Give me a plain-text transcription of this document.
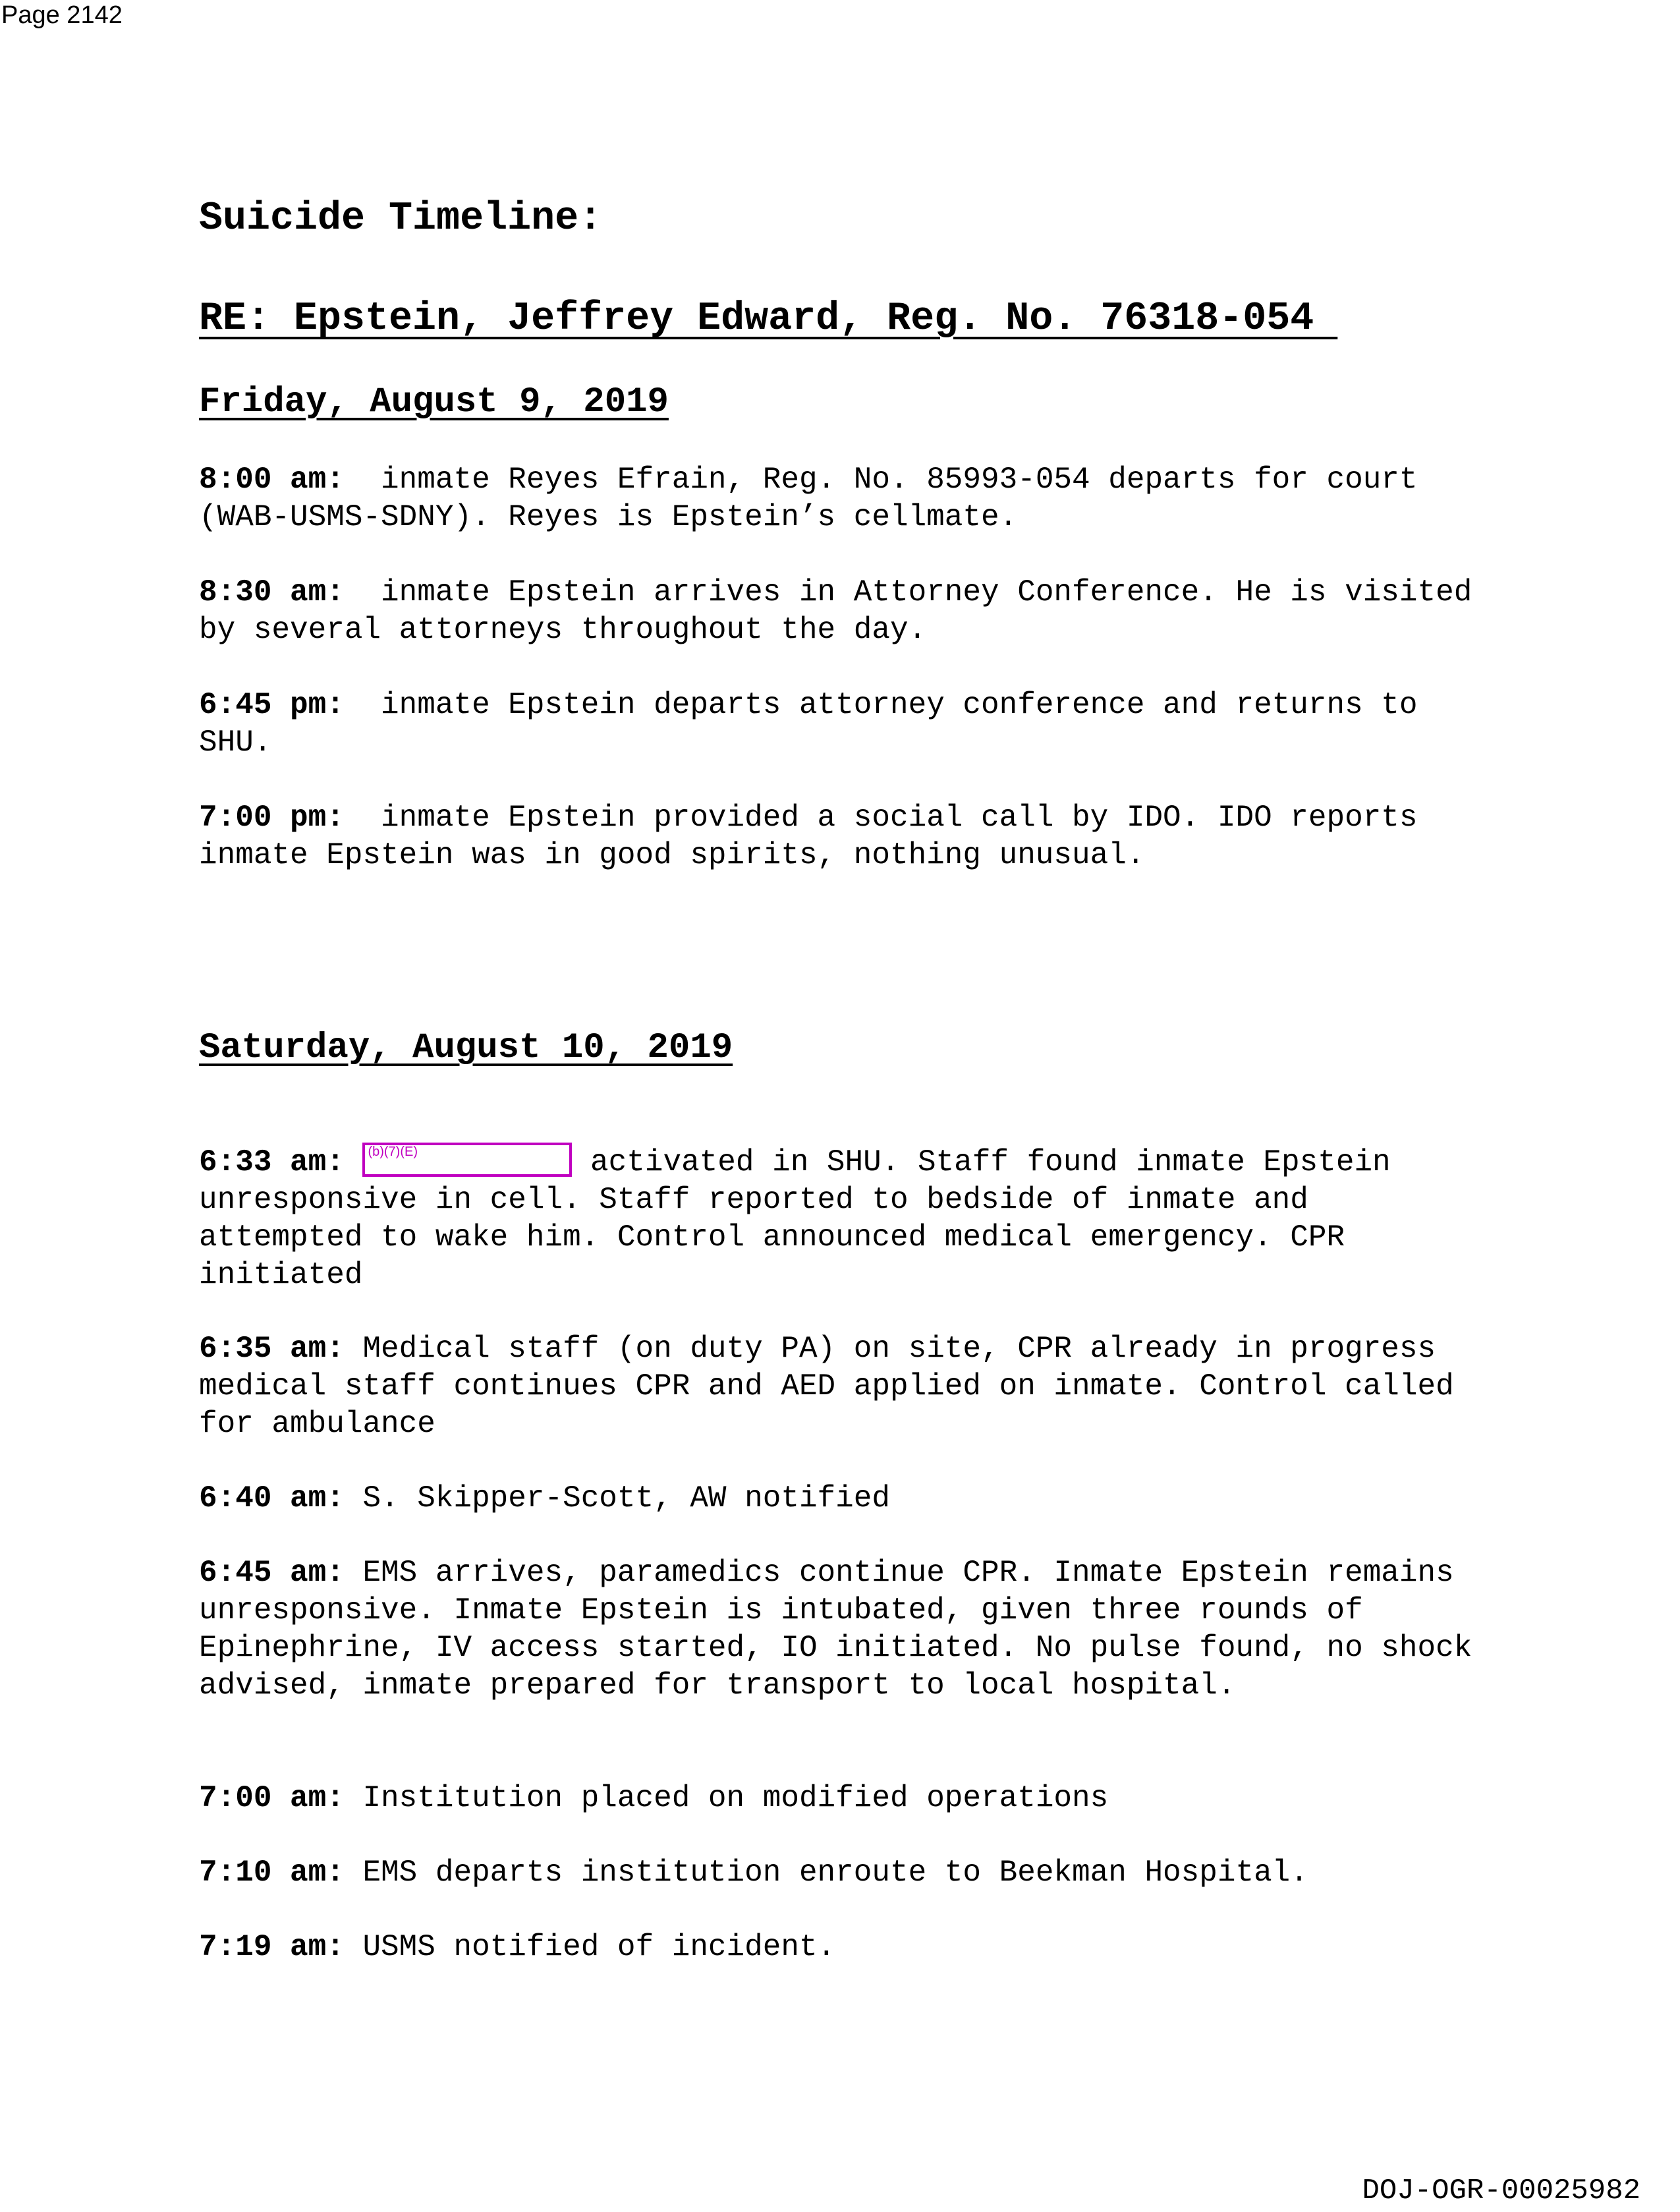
Page 2142
Suicide Timeline:
RE: Epstein, Jeffrey Edward, Reg. No. 76318-054
Friday, August 9, 2019
8:00 am:  inmate Reyes Efrain, Reg. No. 85993-054 departs for court (WAB-USMS-SDNY). Reyes is Epstein’s cellmate.
8:30 am:  inmate Epstein arrives in Attorney Conference. He is visited by several attorneys throughout the day.
6:45 pm:  inmate Epstein departs attorney conference and returns to SHU.
7:00 pm:  inmate Epstein provided a social call by IDO. IDO reports inmate Epstein was in good spirits, nothing unusual.
Saturday, August 10, 2019
6:33 am: (b)(7)(E)	activated in SHU. Staff found inmate Epstein unresponsive in cell. Staff reported to bedside of inmate and attempted to wake him. Control announced medical emergency. CPR initiated
6:35 am: Medical staff (on duty PA) on site, CPR already in progress medical staff continues CPR and AED applied on inmate. Control called for ambulance
6:40 am: S. Skipper-Scott, AW notified
6:45 am: EMS arrives, paramedics continue CPR. Inmate Epstein remains unresponsive. Inmate Epstein is intubated, given three rounds of Epinephrine, IV access started, IO initiated. No pulse found, no shock advised, inmate prepared for transport to local hospital.
7:00 am: Institution placed on modified operations
7:10 am: EMS departs institution enroute to Beekman Hospital.
7:19 am: USMS notified of incident.
DOJ-OGR-00025982
